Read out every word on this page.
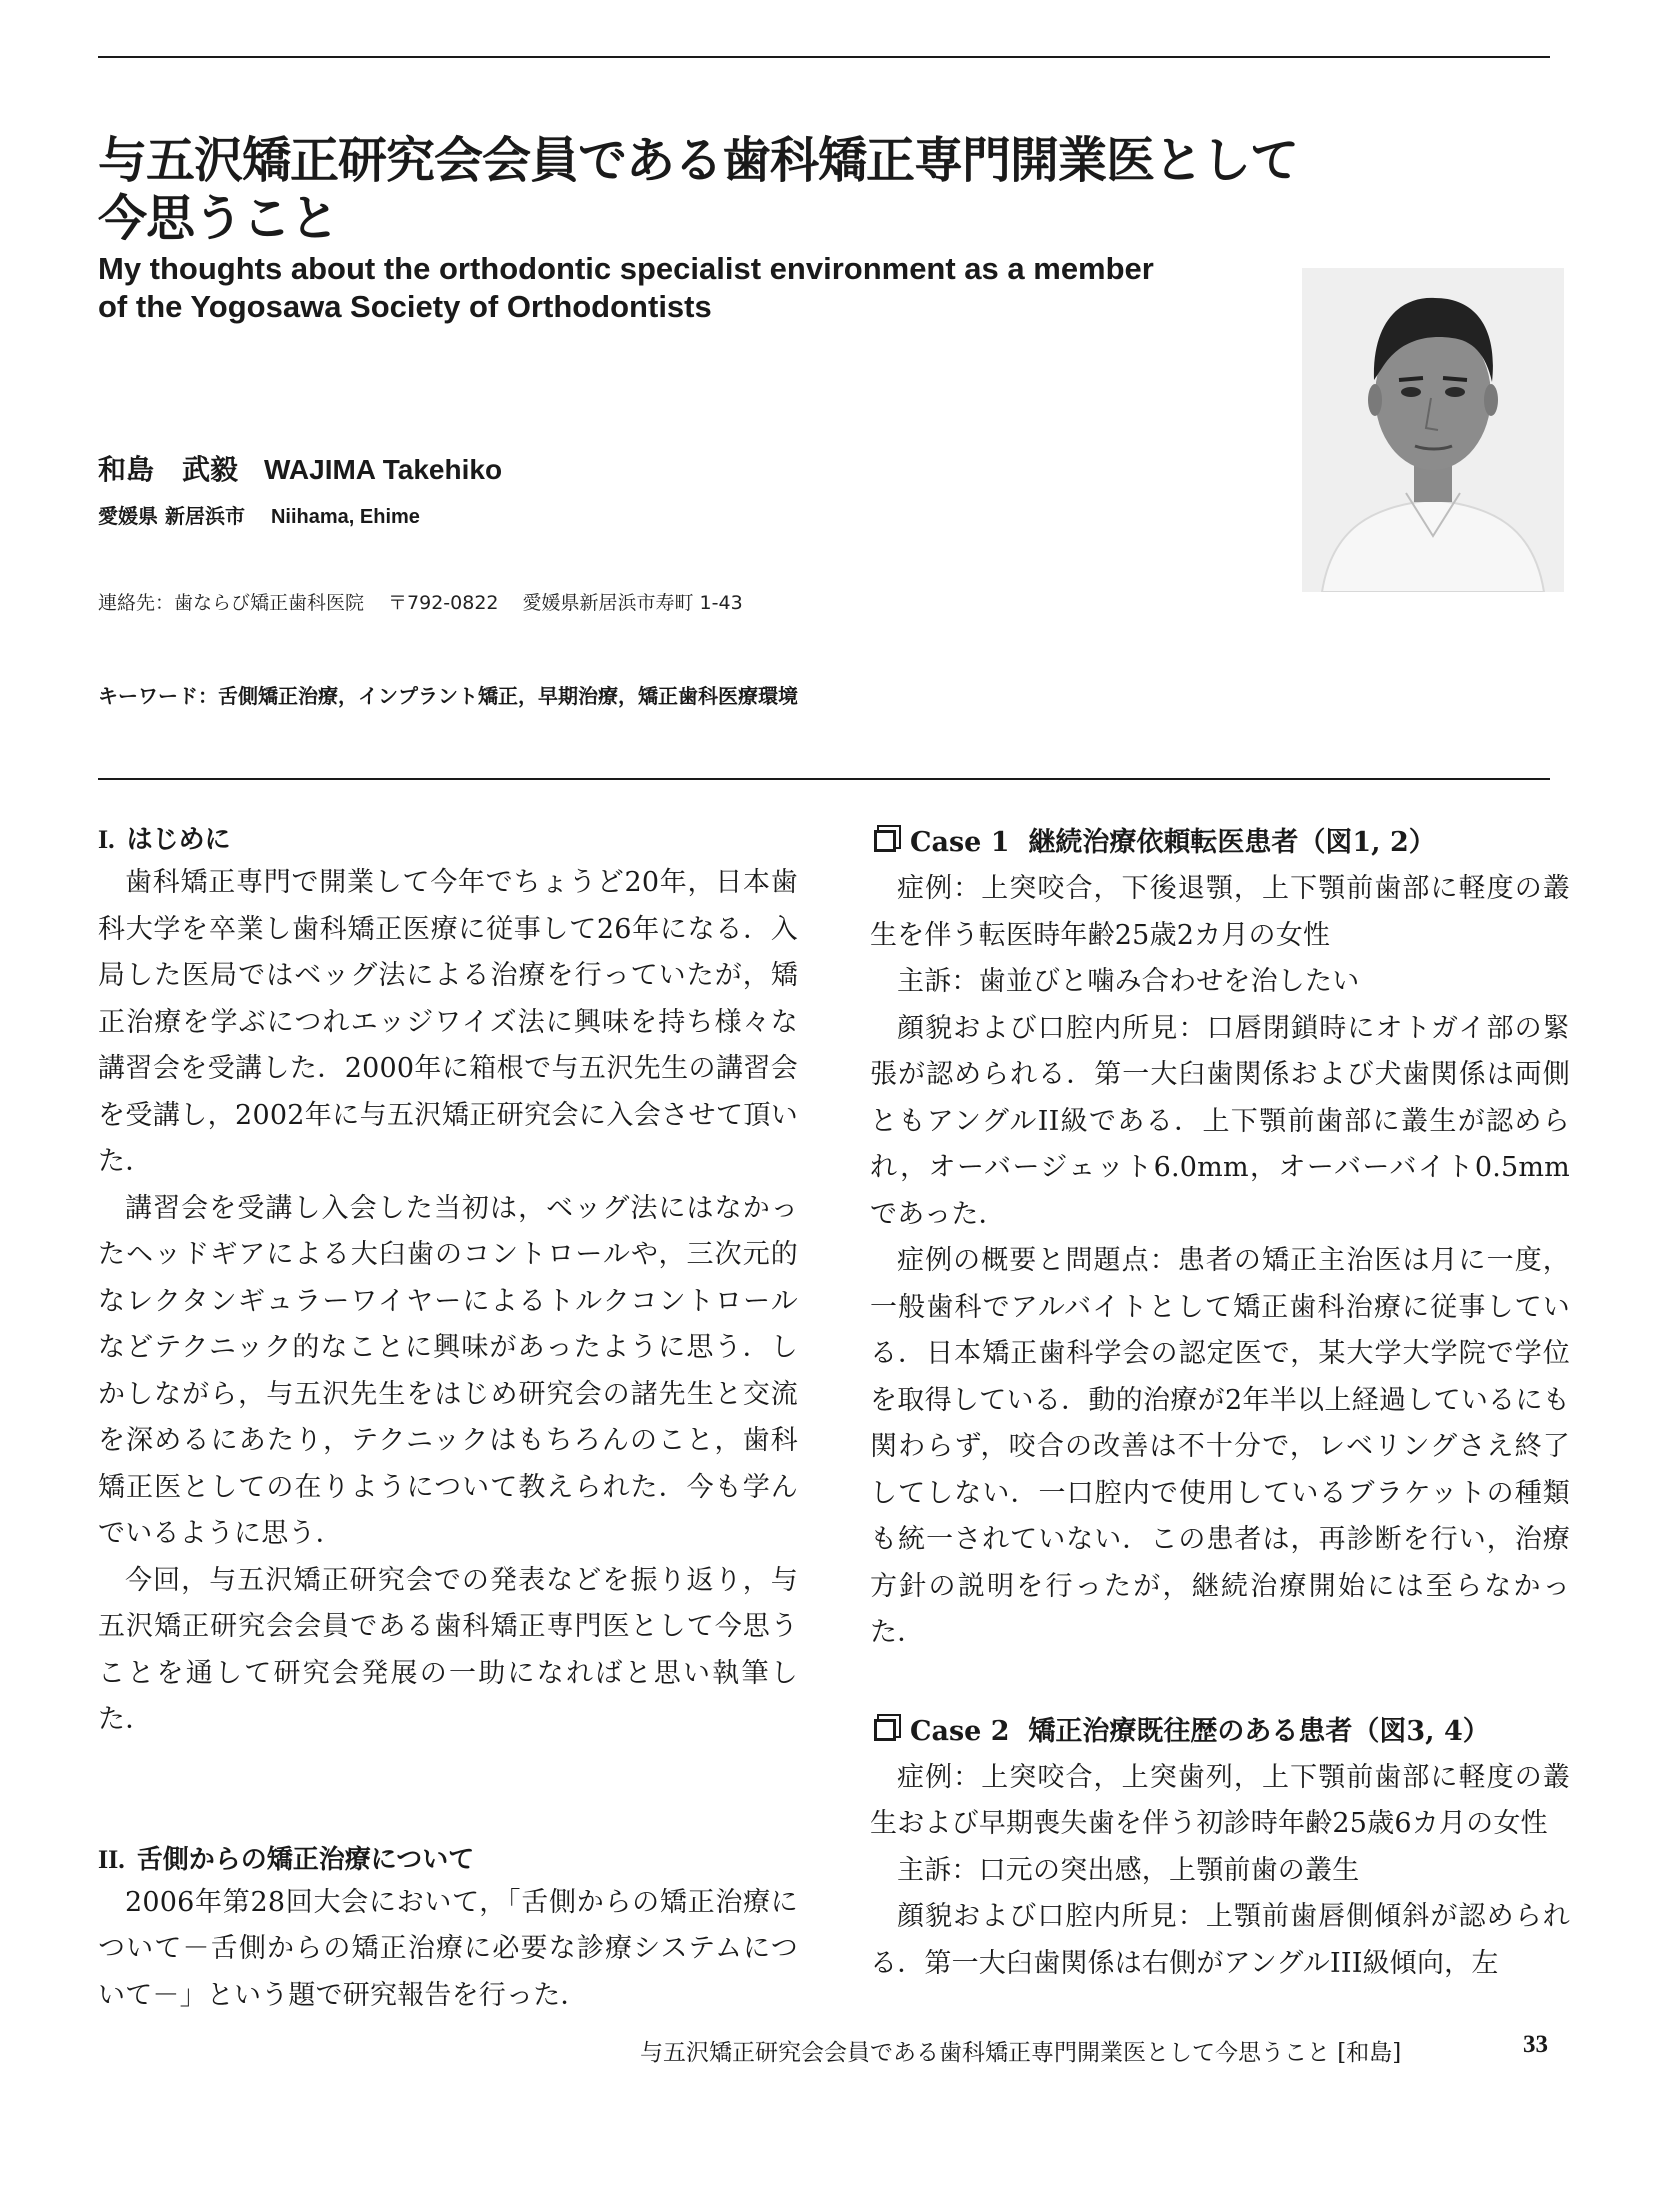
与五沢矯正研究会会員である歯科矯正専門開業医として
今思うこと
My thoughts about the orthodontic specialist environment as a member
of the Yogosawa Society of Orthodontists
和島　武毅 WAJIMA Takehiko
愛媛県 新居浜市 Niihama, Ehime
連絡先：歯ならび矯正歯科医院 〒792-0822 愛媛県新居浜市寿町 1-43
キーワード：舌側矯正治療，インプラント矯正，早期治療，矯正歯科医療環境
I. はじめに

歯科矯正専門で開業して今年でちょうど20年，日本歯科大学を卒業し歯科矯正医療に従事して26年になる．入局した医局ではベッグ法による治療を行っていたが，矯正治療を学ぶにつれエッジワイズ法に興味を持ち様々な講習会を受講した．2000年に箱根で与五沢先生の講習会を受講し，2002年に与五沢矯正研究会に入会させて頂いた．

講習会を受講し入会した当初は，ベッグ法にはなかったヘッドギアによる大臼歯のコントロールや，三次元的なレクタンギュラーワイヤーによるトルクコントロールなどテクニック的なことに興味があったように思う．しかしながら，与五沢先生をはじめ研究会の諸先生と交流を深めるにあたり，テクニックはもちろんのこと，歯科矯正医としての在りようについて教えられた．今も学んでいるように思う．

今回，与五沢矯正研究会での発表などを振り返り，与五沢矯正研究会会員である歯科矯正専門医として今思うことを通して研究会発展の一助になればと思い執筆した．

II. 舌側からの矯正治療について

2006年第28回大会において，「舌側からの矯正治療について－舌側からの矯正治療に必要な診療システムについて－」という題で研究報告を行った．

Case 1 継続治療依頼転医患者（図1, 2）

症例：上突咬合，下後退顎，上下顎前歯部に軽度の叢生を伴う転医時年齢25歳2カ月の女性

主訴：歯並びと噛み合わせを治したい

顔貌および口腔内所見：口唇閉鎖時にオトガイ部の緊張が認められる．第一大臼歯関係および犬歯関係は両側ともアングルII級である．上下顎前歯部に叢生が認められ，オーバージェット6.0mm，オーバーバイト0.5mmであった．

症例の概要と問題点：患者の矯正主治医は月に一度，一般歯科でアルバイトとして矯正歯科治療に従事している．日本矯正歯科学会の認定医で，某大学大学院で学位を取得している．動的治療が2年半以上経過しているにも関わらず，咬合の改善は不十分で，レベリングさえ終了してしない．一口腔内で使用しているブラケットの種類も統一されていない．この患者は，再診断を行い，治療方針の説明を行ったが，継続治療開始には至らなかった．

Case 2 矯正治療既往歴のある患者（図3, 4）

症例：上突咬合，上突歯列，上下顎前歯部に軽度の叢生および早期喪失歯を伴う初診時年齢25歳6カ月の女性

主訴：口元の突出感，上顎前歯の叢生

顔貌および口腔内所見：上顎前歯唇側傾斜が認められる．第一大臼歯関係は右側がアングルIII級傾向，左

与五沢矯正研究会会員である歯科矯正専門開業医として今思うこと [和島]	33
